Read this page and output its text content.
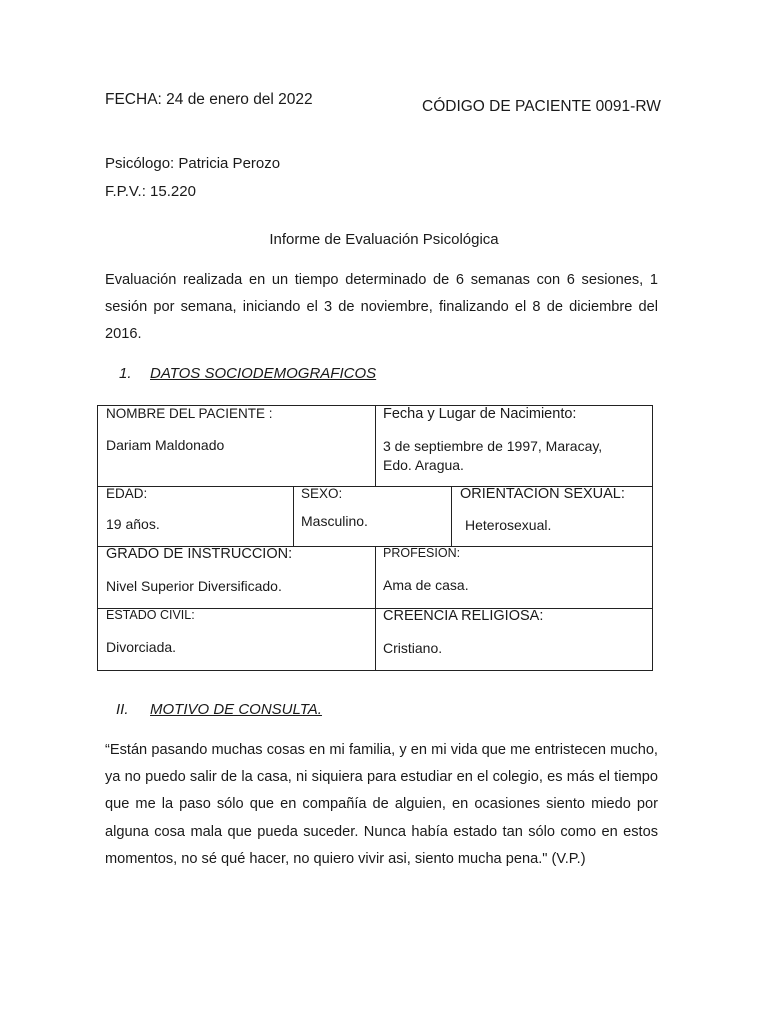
FECHA: 24 de enero del 2022	CÓDIGO DE PACIENTE 0091-RW
Psicólogo: Patricia Perozo
F.P.V.: 15.220
Informe de Evaluación Psicológica
Evaluación realizada en un tiempo determinado de 6 semanas con 6 sesiones, 1 sesión por semana, iniciando el 3 de noviembre, finalizando el 8 de diciembre del 2016.
1. DATOS SOCIODEMOGRAFICOS
NOMBRE DEL PACIENTE :
Dariam Maldonado
Fecha y Lugar de Nacimiento:
3 de septiembre de 1997, Maracay,
Edo. Aragua.
EDAD:
19 años.
SEXO:
Masculino.
ORIENTACION SEXUAL:
Heterosexual.
GRADO DE INSTRUCCION:
Nivel Superior Diversificado.
PROFESION:
Ama de casa.
ESTADO CIVIL:
Divorciada.
CREENCIA RELIGIOSA:
Cristiano.
II. MOTIVO DE CONSULTA.
“Están pasando muchas cosas en mi familia, y en mi vida que me entristecen mucho, ya no puedo salir de la casa, ni siquiera para estudiar en el colegio, es más el tiempo que me la paso sólo que en compañía de alguien, en ocasiones siento miedo por alguna cosa mala que pueda suceder. Nunca había estado tan sólo como en estos momentos, no sé qué hacer, no quiero vivir asi, siento mucha pena." (V.P.)
